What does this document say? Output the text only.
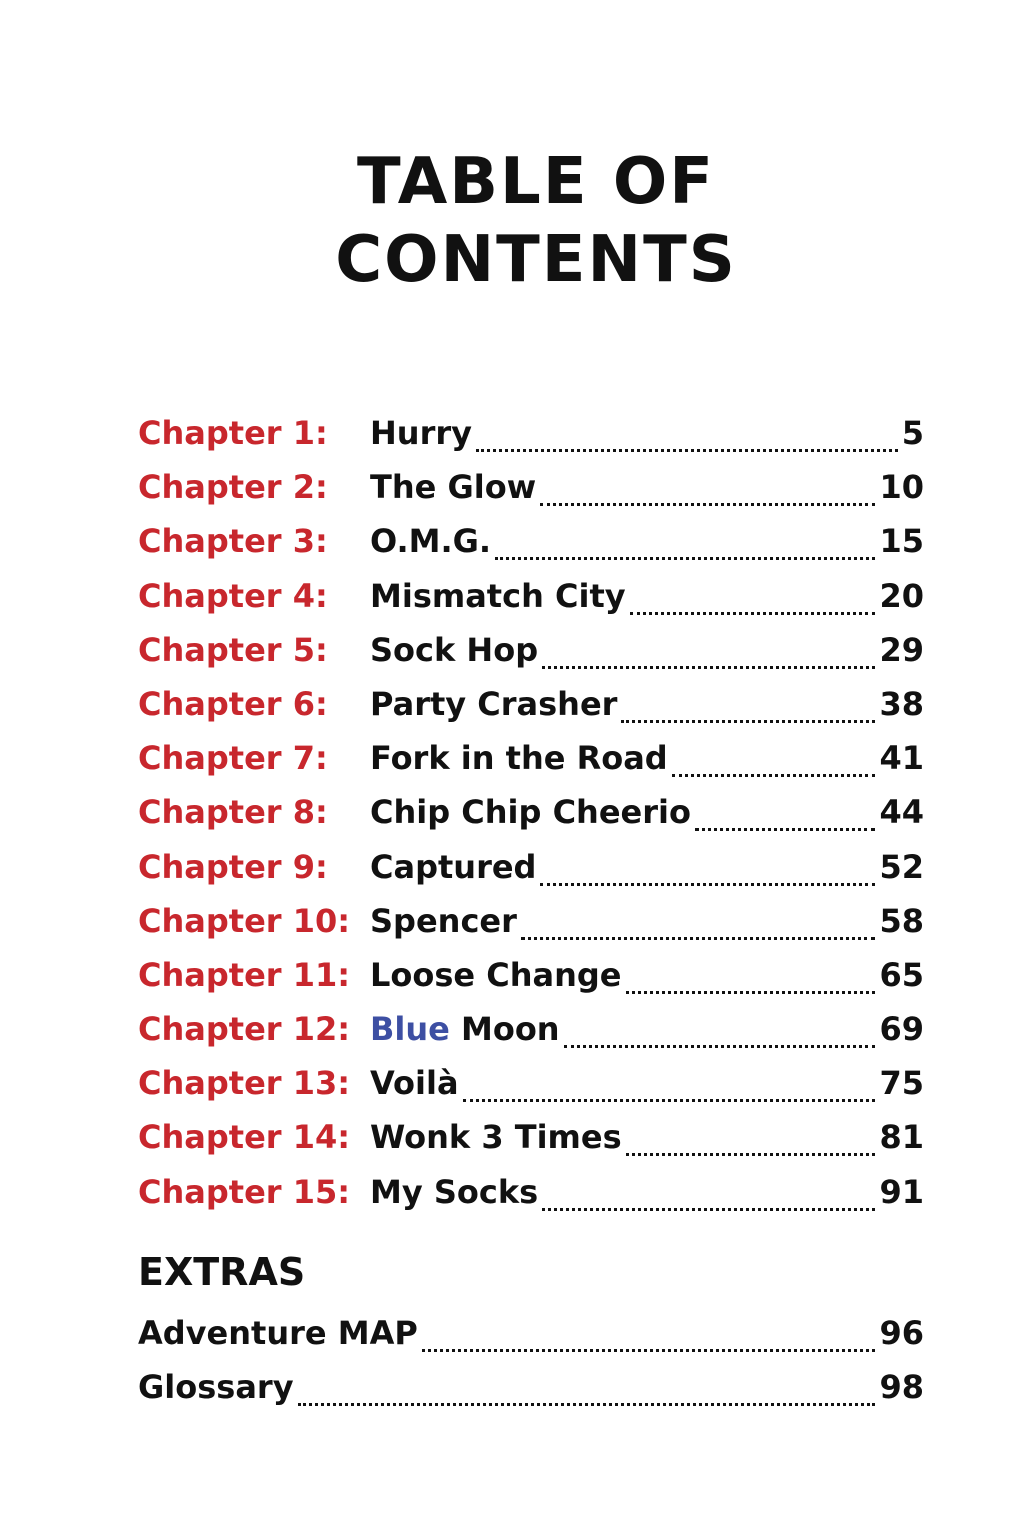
TABLE OF
CONTENTS
Chapter 1:	Hurry	5
Chapter 2:	The Glow	10
Chapter 3:	O.M.G.	15
Chapter 4:	Mismatch City	20
Chapter 5:	Sock Hop	29
Chapter 6:	Party Crasher	38
Chapter 7:	Fork in the Road	41
Chapter 8:	Chip Chip Cheerio	44
Chapter 9:	Captured	52
Chapter 10: Spencer	58
Chapter 11: Loose Change	65
Chapter 12: Blue Moon	69
Chapter 13: Voilà	75
Chapter 14: Wonk 3 Times	81
Chapter 15: My Socks	91
EXTRAS
Adventure MAP	96
Glossary	98
